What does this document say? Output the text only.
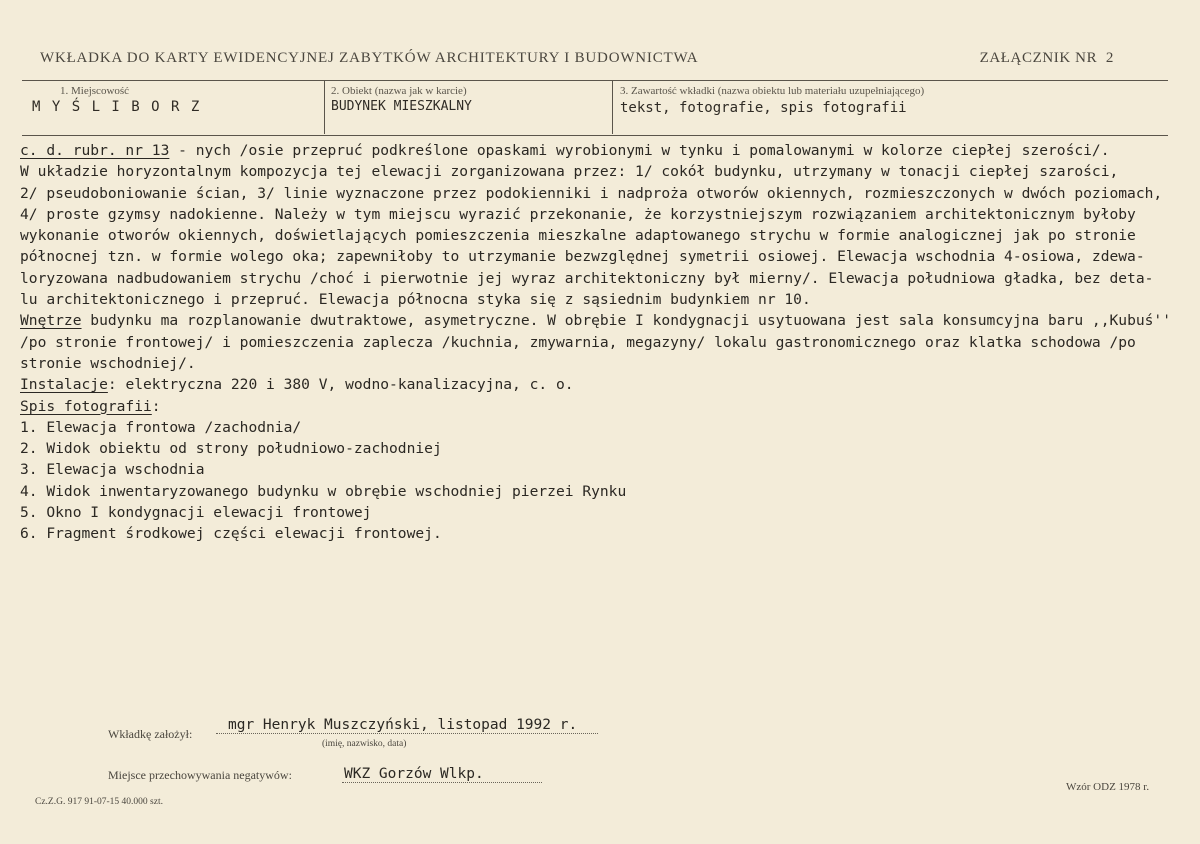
WKŁADKA DO KARTY EWIDENCYJNEJ ZABYTKÓW ARCHITEKTURY I BUDOWNICTWA	ZAŁĄCZNIK NR 2
1. Miejscowość
M Y Ś L I B O R Z
2. Obiekt (nazwa jak w karcie)
BUDYNEK MIESZKALNY
3. Zawartość wkładki (nazwa obiektu lub materiału uzupełniającego)
tekst, fotografie, spis fotografii
c. d. rubr. nr 13 - nych /osie przepruć podkreślone opaskami wyrobionymi w tynku i pomalowanymi w kolorze ciepłej szerości/.
W układzie horyzontalnym kompozycja tej elewacji zorganizowana przez: 1/ cokół budynku, utrzymany w tonacji ciepłej szarości,
2/ pseudoboniowanie ścian, 3/ linie wyznaczone przez podokienniki i nadproża otworów okiennych, rozmieszczonych w dwóch poziomach,
4/ proste gzymsy nadokienne. Należy w tym miejscu wyrazić przekonanie, że korzystniejszym rozwiązaniem architektonicznym byłoby
wykonanie otworów okiennych, doświetlających pomieszczenia mieszkalne adaptowanego strychu w formie analogicznej jak po stronie
północnej tzn. w formie wolego oka; zapewniłoby to utrzymanie bezwzględnej symetrii osiowej. Elewacja wschodnia 4-osiowa, zdewa-
loryzowana nadbudowaniem strychu /choć i pierwotnie jej wyraz architektoniczny był mierny/. Elewacja południowa gładka, bez deta-
lu architektonicznego i przepruć. Elewacja północna styka się z sąsiednim budynkiem nr 10.
Wnętrze budynku ma rozplanowanie dwutraktowe, asymetryczne. W obrębie I kondygnacji usytuowana jest sala konsumcyjna baru ,,Kubuś''
/po stronie frontowej/ i pomieszczenia zaplecza /kuchnia, zmywarnia, megazyny/ lokalu gastronomicznego oraz klatka schodowa /po
stronie wschodniej/.
Instalacje: elektryczna 220 i 380 V, wodno-kanalizacyjna, c. o.
Spis fotografii:
1. Elewacja frontowa /zachodnia/
2. Widok obiektu od strony południowo-zachodniej
3. Elewacja wschodnia
4. Widok inwentaryzowanego budynku w obrębie wschodniej pierzei Rynku
5. Okno I kondygnacji elewacji frontowej
6. Fragment środkowej części elewacji frontowej.
Wkładkę założył:
mgr Henryk Muszczyński, listopad 1992 r.
(imię, nazwisko, data)
Miejsce przechowywania negatywów:	WKZ Gorzów Wlkp.
Cz.Z.G. 917 91-07-15 40.000 szt.
Wzór ODZ 1978 r.
